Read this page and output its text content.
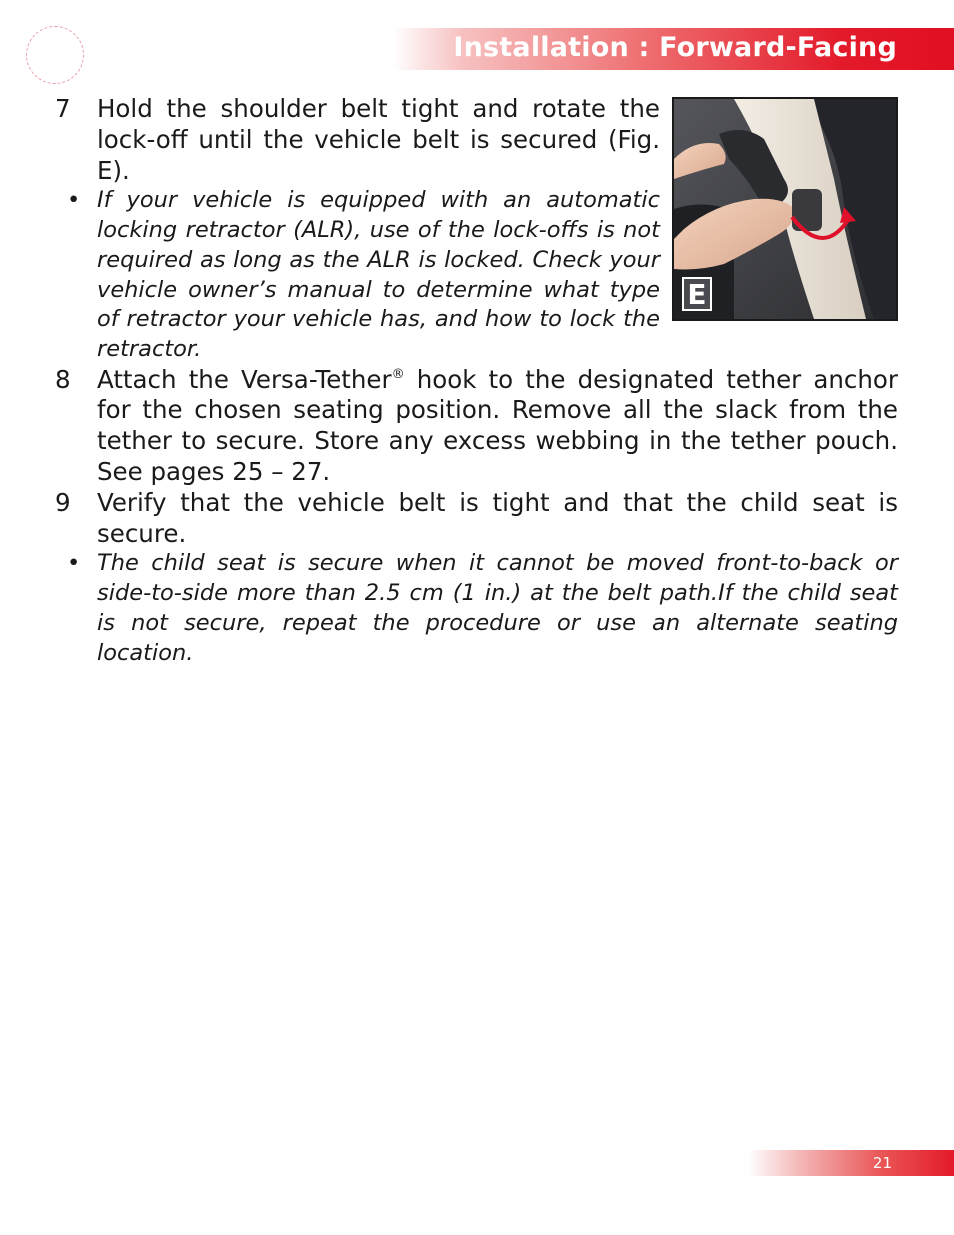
Installation : Forward-Facing
E
7 Hold the shoulder belt tight and rotate the lock-off until the vehicle belt is secured (Fig. E).
• If your vehicle is equipped with an automatic locking retractor (ALR), use of the lock-offs is not required as long as the ALR is locked. Check your vehicle owner’s manual to determine what type of retractor your vehicle has, and how to lock the retractor.
8 Attach the Versa-Tether® hook to the designated tether anchor for the chosen seating position. Remove all the slack from the tether to secure. Store any excess webbing in the tether pouch. See pages 25 – 27.
9 Verify that the vehicle belt is tight and that the child seat is secure.
• The child seat is secure when it cannot be moved front-to-back or side-to-side more than 2.5 cm (1 in.) at the belt path.If the child seat is not secure, repeat the procedure or use an alternate seating location.
21
